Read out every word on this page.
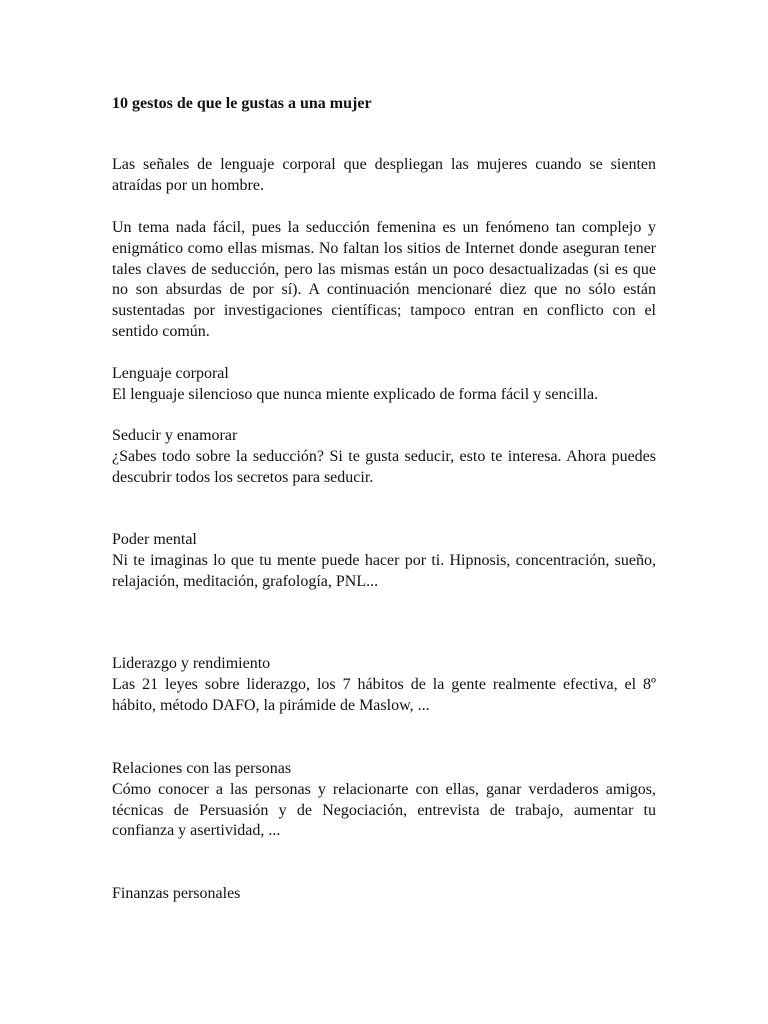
10 gestos de que le gustas a una mujer

Las señales de lenguaje corporal que despliegan las mujeres cuando se sienten atraídas por un hombre.

Un tema nada fácil, pues la seducción femenina es un fenómeno tan complejo y enigmático como ellas mismas. No faltan los sitios de Internet donde aseguran tener tales claves de seducción, pero las mismas están un poco desactualizadas (si es que no son absurdas de por sí). A continuación mencionaré diez que no sólo están sustentadas por investigaciones científicas; tampoco entran en conflicto con el sentido común.

Lenguaje corporal
El lenguaje silencioso que nunca miente explicado de forma fácil y sencilla.
Seducir y enamorar
¿Sabes todo sobre la seducción? Si te gusta seducir, esto te interesa. Ahora puedes descubrir todos los secretos para seducir.
Poder mental
Ni te imaginas lo que tu mente puede hacer por ti. Hipnosis, concentración, sueño, relajación, meditación, grafología, PNL...
Liderazgo y rendimiento
Las 21 leyes sobre liderazgo, los 7 hábitos de la gente realmente efectiva, el 8º hábito, método DAFO, la pirámide de Maslow, ...
Relaciones con las personas
Cómo conocer a las personas y relacionarte con ellas, ganar verdaderos amigos, técnicas de Persuasión y de Negociación, entrevista de trabajo, aumentar tu confianza y asertividad, ...
Finanzas personales
